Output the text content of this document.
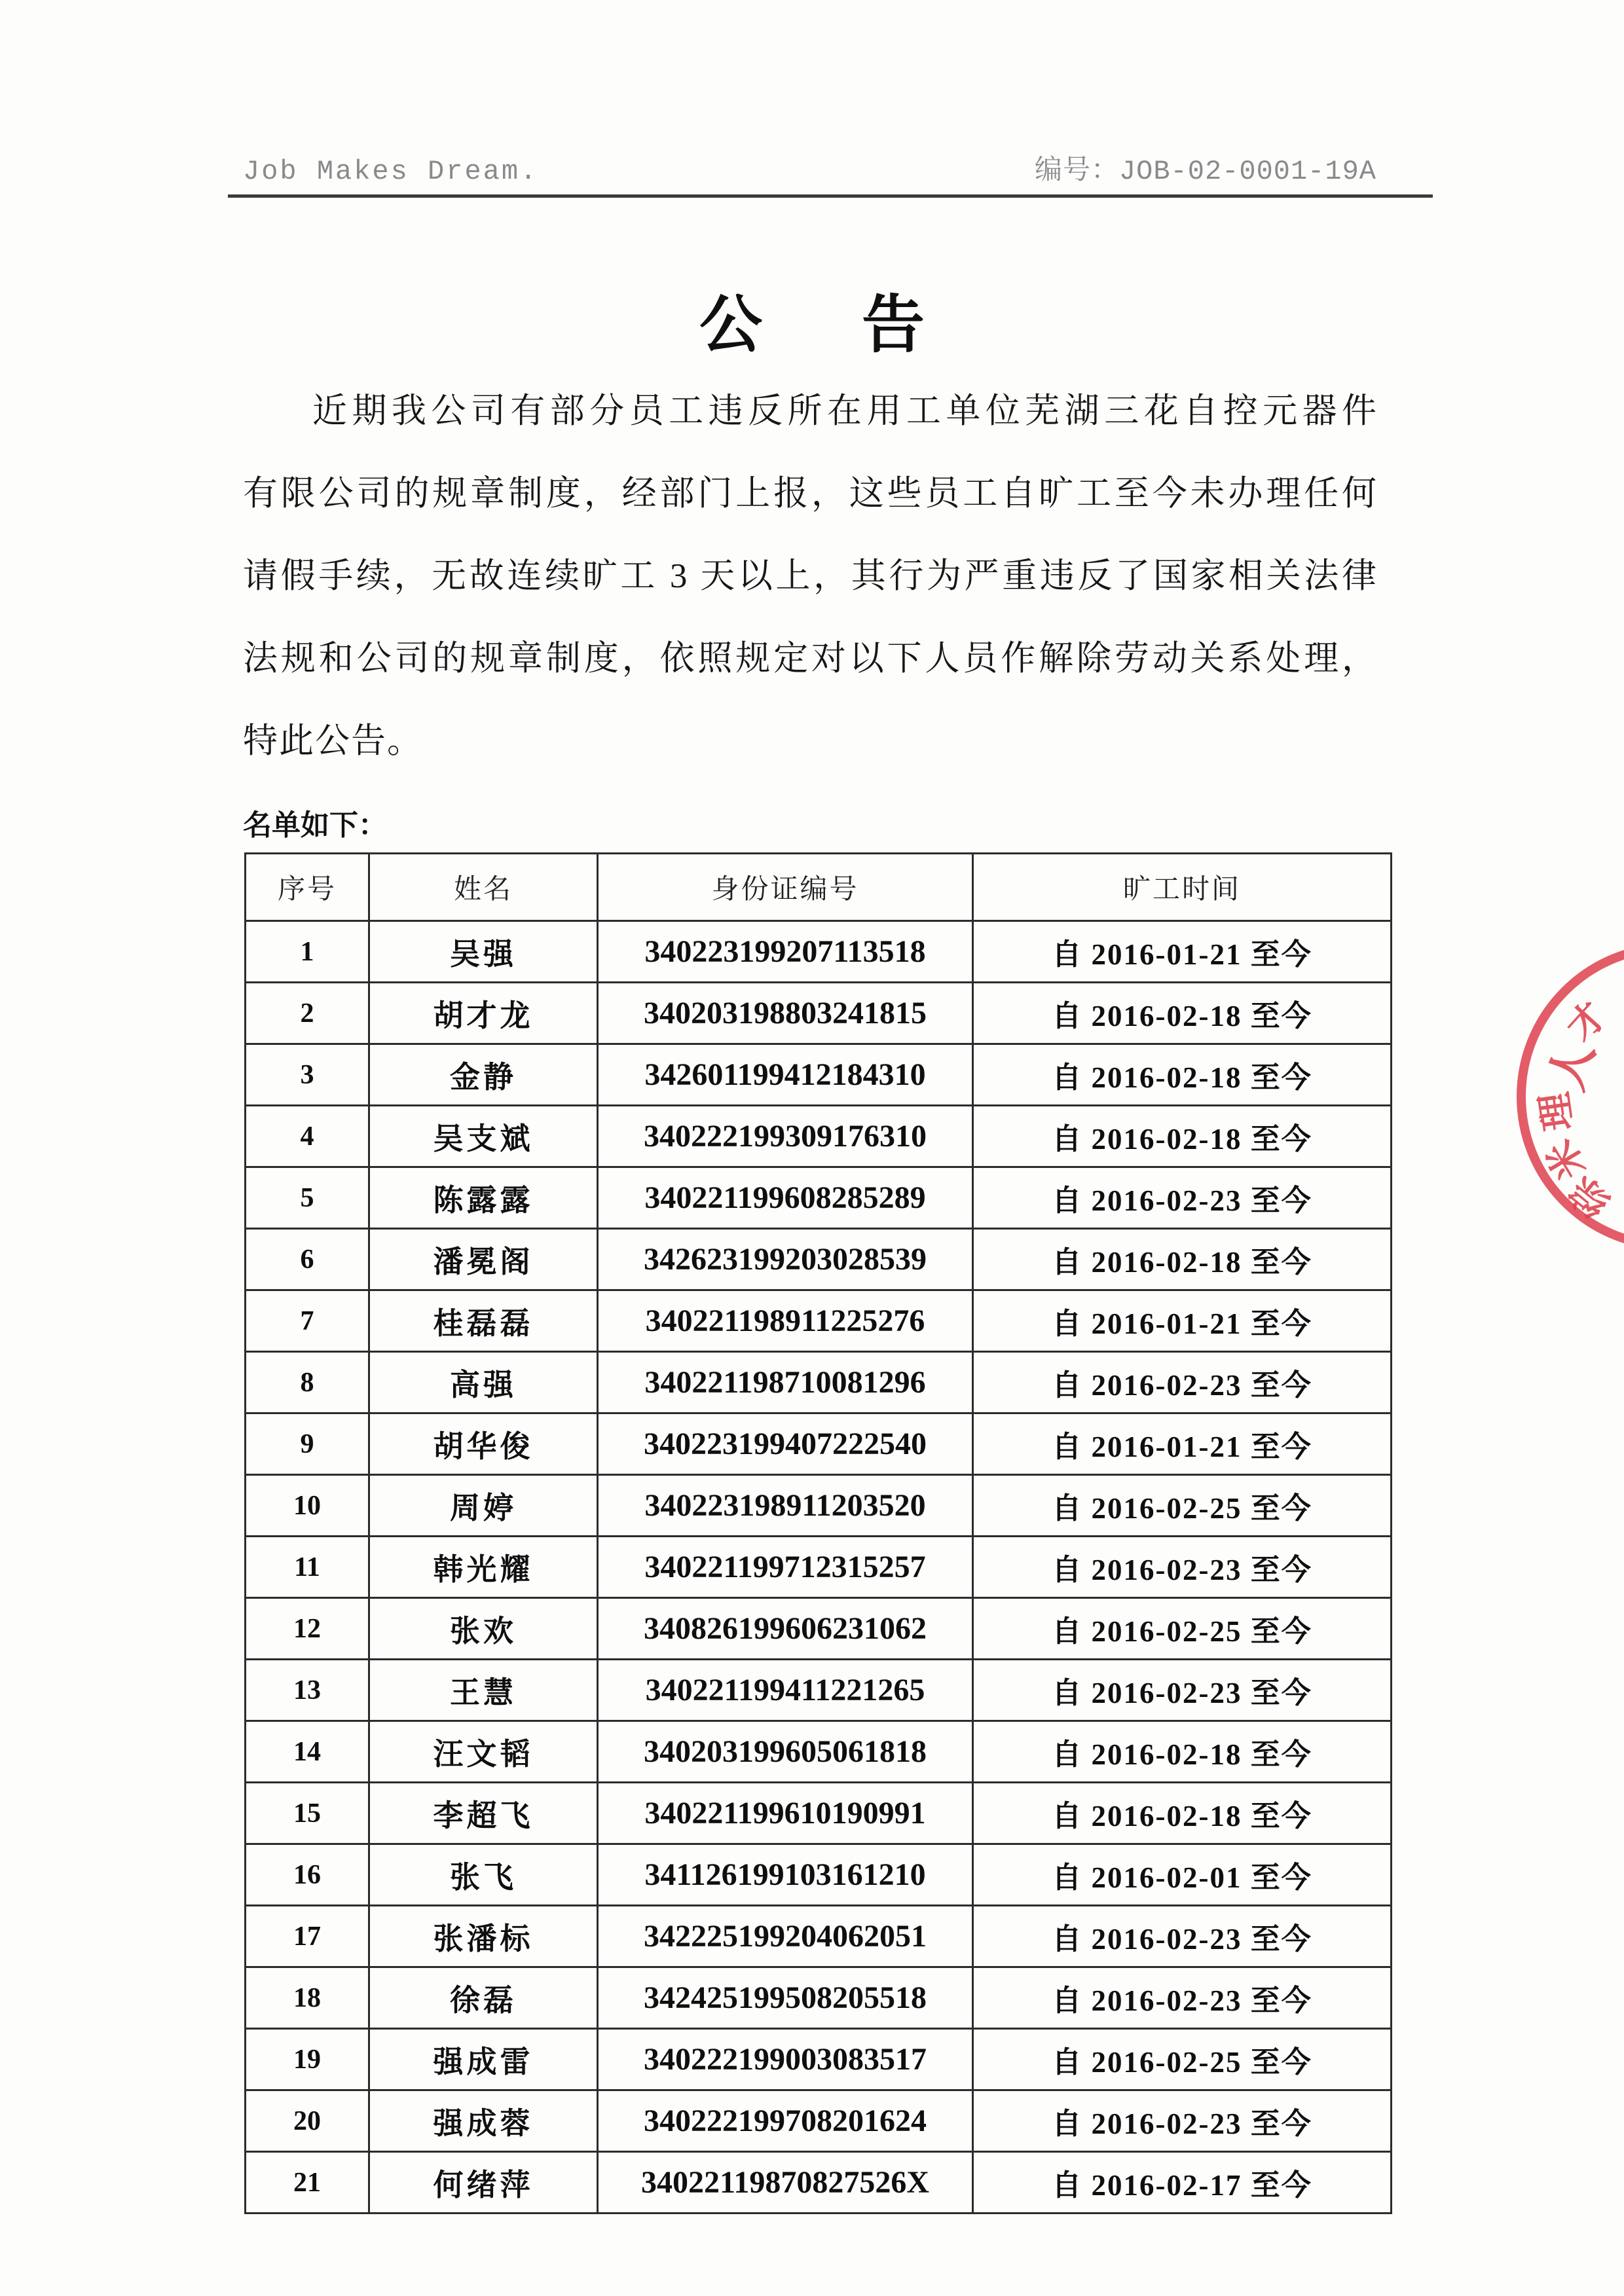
Job Makes Dream.	编号：JOB-02-0001-19A
公 告
近期我公司有部分员工违反所在用工单位芜湖三花自控元器件
有限公司的规章制度，经部门上报，这些员工自旷工至今未办理任何
请假手续，无故连续旷工 3 天以上，其行为严重违反了国家相关法律
法规和公司的规章制度，依照规定对以下人员作解除劳动关系处理，
特此公告。
名单如下：
序号	姓名	身份证编号	旷工时间
1	吴强	340223199207113518	自 2016-01-21 至今
2	胡才龙	340203198803241815	自 2016-02-18 至今
3	金静	342601199412184310	自 2016-02-18 至今
4	吴支斌	340222199309176310	自 2016-02-18 至今
5	陈露露	340221199608285289	自 2016-02-23 至今
6	潘冕阁	342623199203028539	自 2016-02-18 至今
7	桂磊磊	340221198911225276	自 2016-01-21 至今
8	高强	340221198710081296	自 2016-02-23 至今
9	胡华俊	340223199407222540	自 2016-01-21 至今
10	周婷	340223198911203520	自 2016-02-25 至今
11	韩光耀	340221199712315257	自 2016-02-23 至今
12	张欢	340826199606231062	自 2016-02-25 至今
13	王慧	340221199411221265	自 2016-02-23 至今
14	汪文韬	340203199605061818	自 2016-02-18 至今
15	李超飞	340221199610190991	自 2016-02-18 至今
16	张飞	341126199103161210	自 2016-02-01 至今
17	张潘标	342225199204062051	自 2016-02-23 至今
18	徐磊	342425199508205518	自 2016-02-23 至今
19	强成雷	340222199003083517	自 2016-02-25 至今
20	强成蓉	340222199708201624	自 2016-02-23 至今
21	何绪萍	34022119870827526X	自 2016-02-17 至今
才
人
理
米
综
